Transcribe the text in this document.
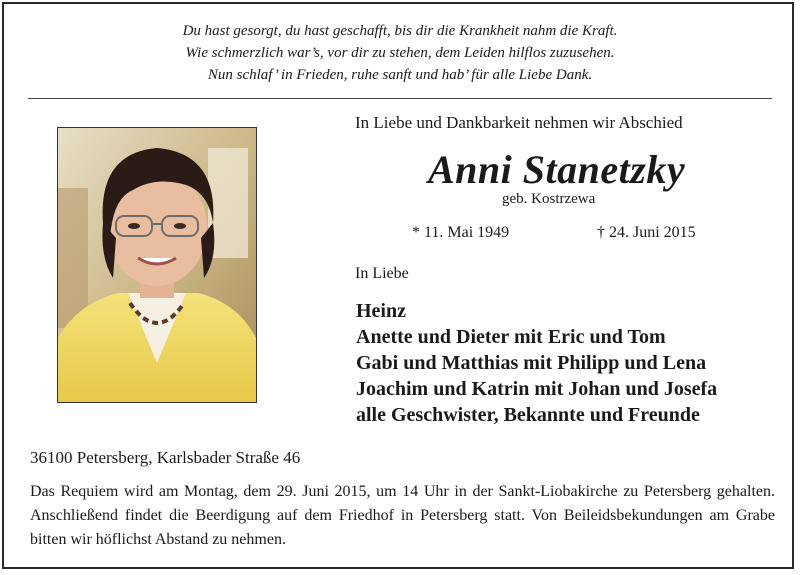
Du hast gesorgt, du hast geschafft, bis dir die Krankheit nahm die Kraft.
Wie schmerzlich war’s, vor dir zu stehen, dem Leiden hilflos zuzusehen.
Nun schlaf’ in Frieden, ruhe sanft und hab’ für alle Liebe Dank.
In Liebe und Dankbarkeit nehmen wir Abschied
Anni Stanetzky
geb. Kostrzewa
* 11. Mai 1949	† 24. Juni 2015
In Liebe
Heinz
Anette und Dieter mit Eric und Tom
Gabi und Matthias mit Philipp und Lena
Joachim und Katrin mit Johan und Josefa
alle Geschwister, Bekannte und Freunde
36100 Petersberg, Karlsbader Straße 46
Das Requiem wird am Montag, dem 29. Juni 2015, um 14 Uhr in der Sankt-Liobakirche zu Petersberg gehalten. Anschließend findet die Beerdigung auf dem Friedhof in Petersberg statt. Von Beileidsbekundungen am Grabe bitten wir höflichst Abstand zu nehmen.
